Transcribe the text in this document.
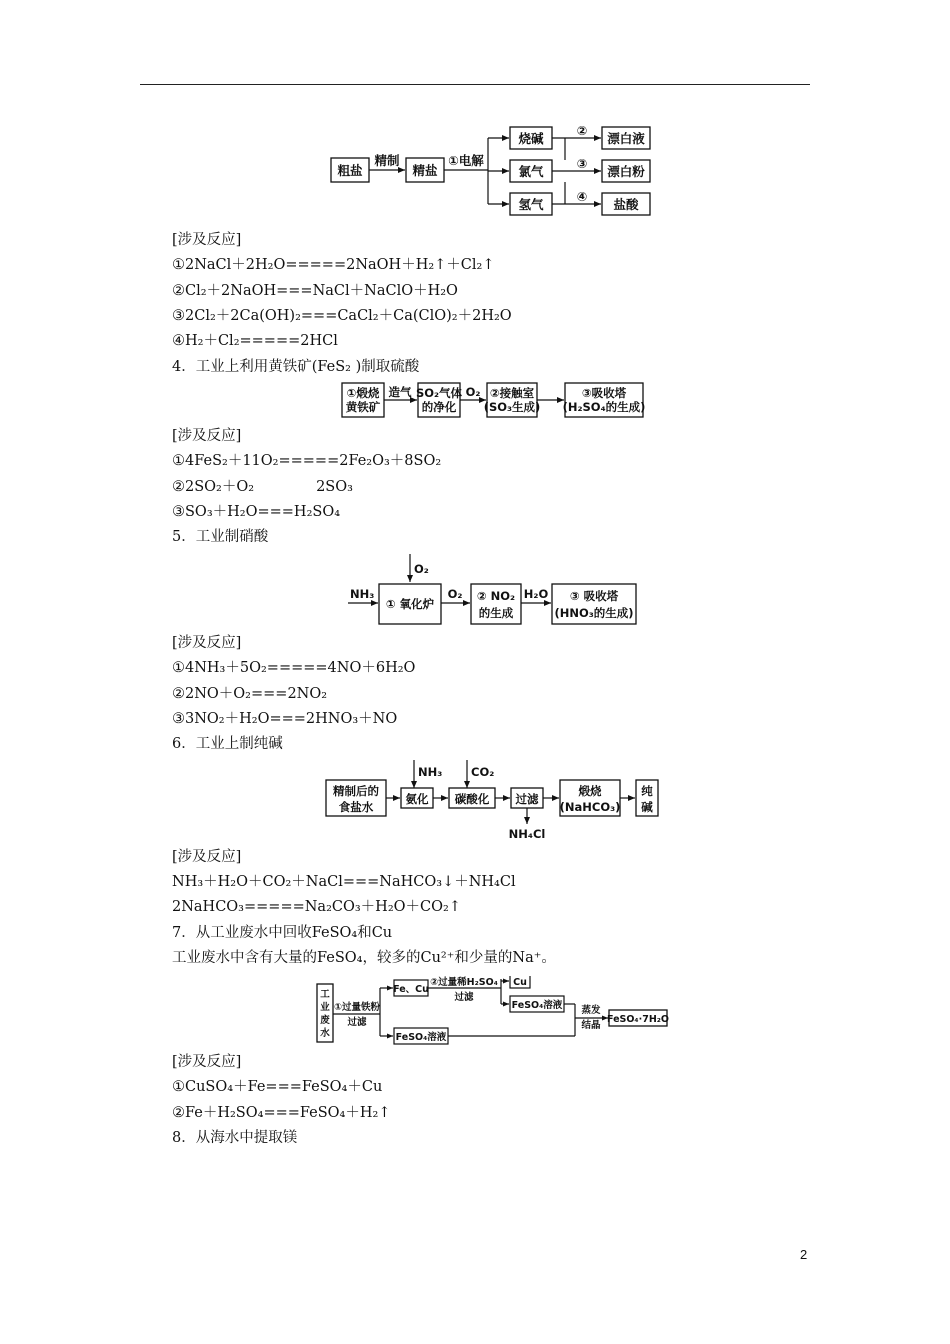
粗盐
精制
精盐
①电解
烧碱
氯气
氢气
②
③
④
漂白液
漂白粉
盐酸
[涉及反应]
①2NaCl＋2H₂O=====2NaOH＋H₂↑＋Cl₂↑
②Cl₂＋2NaOH===NaCl＋NaClO＋H₂O
③2Cl₂＋2Ca(OH)₂===CaCl₂＋Ca(ClO)₂＋2H₂O
④H₂＋Cl₂=====2HCl
4．工业上利用黄铁矿(FeS₂ )制取硫酸
①煅烧
黄铁矿
造气 SO₂气体
的净化
O₂ ②接触室
(SO₃生成)
③吸收塔
(H₂SO₄的生成)
[涉及反应]
①4FeS₂＋11O₂=====2Fe₂O₃＋8SO₂
②2SO₂＋O₂	2SO₃
③SO₃＋H₂O===H₂SO₄
5．工业制硝酸
O₂
NH₃
① 氧化炉
O₂ ② NO₂
的生成
H₂O ③ 吸收塔
(HNO₃的生成)
[涉及反应]
①4NH₃＋5O₂=====4NO＋6H₂O
②2NO＋O₂===2NO₂
③3NO₂＋H₂O===2HNO₃＋NO
6．工业上制纯碱
精制后的
食盐水
NH₃
氨化
CO₂
碳酸化 过滤
NH₄Cl
煅烧
(NaHCO₃)
纯
碱
[涉及反应]
NH₃＋H₂O＋CO₂＋NaCl===NaHCO₃↓＋NH₄Cl
2NaHCO₃=====Na₂CO₃＋H₂O＋CO₂↑
7．从工业废水中回收FeSO₄和Cu
工业废水中含有大量的FeSO₄，较多的Cu²⁺和少量的Na⁺。
工
业
废
水
①过量铁粉
过滤
Fe、Cu
FeSO₄溶液
②过量稀H₂SO₄
过滤
Cu
FeSO₄溶液 蒸发
结晶
FeSO₄·7H₂O
[涉及反应]
①CuSO₄＋Fe===FeSO₄＋Cu
②Fe＋H₂SO₄===FeSO₄＋H₂↑
8．从海水中提取镁
2
